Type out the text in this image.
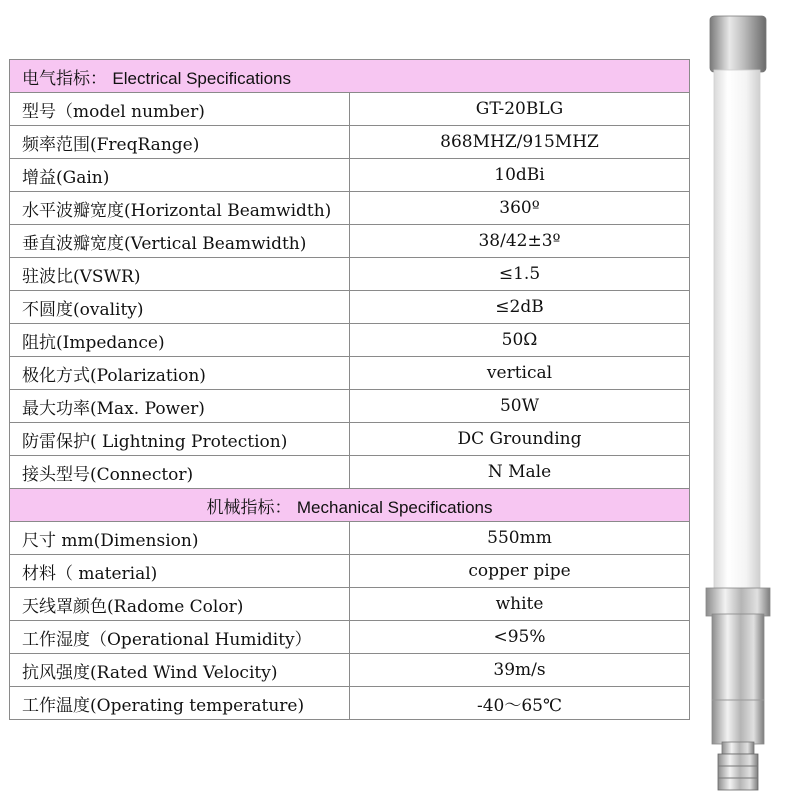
电气指标： Electrical Specifications	
型号（model number)	GT-20BLG
频率范围(FreqRange)	868MHZ/915MHZ
增益(Gain)	10dBi
水平波瓣宽度(Horizontal Beamwidth)	360º
垂直波瓣宽度(Vertical Beamwidth)	38/42±3º
驻波比(VSWR)	≤1.5
不圆度(ovality)	≤2dB
阻抗(Impedance)	50Ω
极化方式(Polarization)	vertical
最大功率(Max. Power)	50W
防雷保护( Lightning Protection)	DC Grounding
接头型号(Connector)	N Male
机械指标： Mechanical Specifications	
尺寸 mm(Dimension)	550mm
材料（ material)	copper pipe
天线罩颜色(Radome Color)	white
工作湿度（Operational Humidity）	<95%
抗风强度(Rated Wind Velocity)	39m/s
工作温度(Operating temperature)	-40～65℃
